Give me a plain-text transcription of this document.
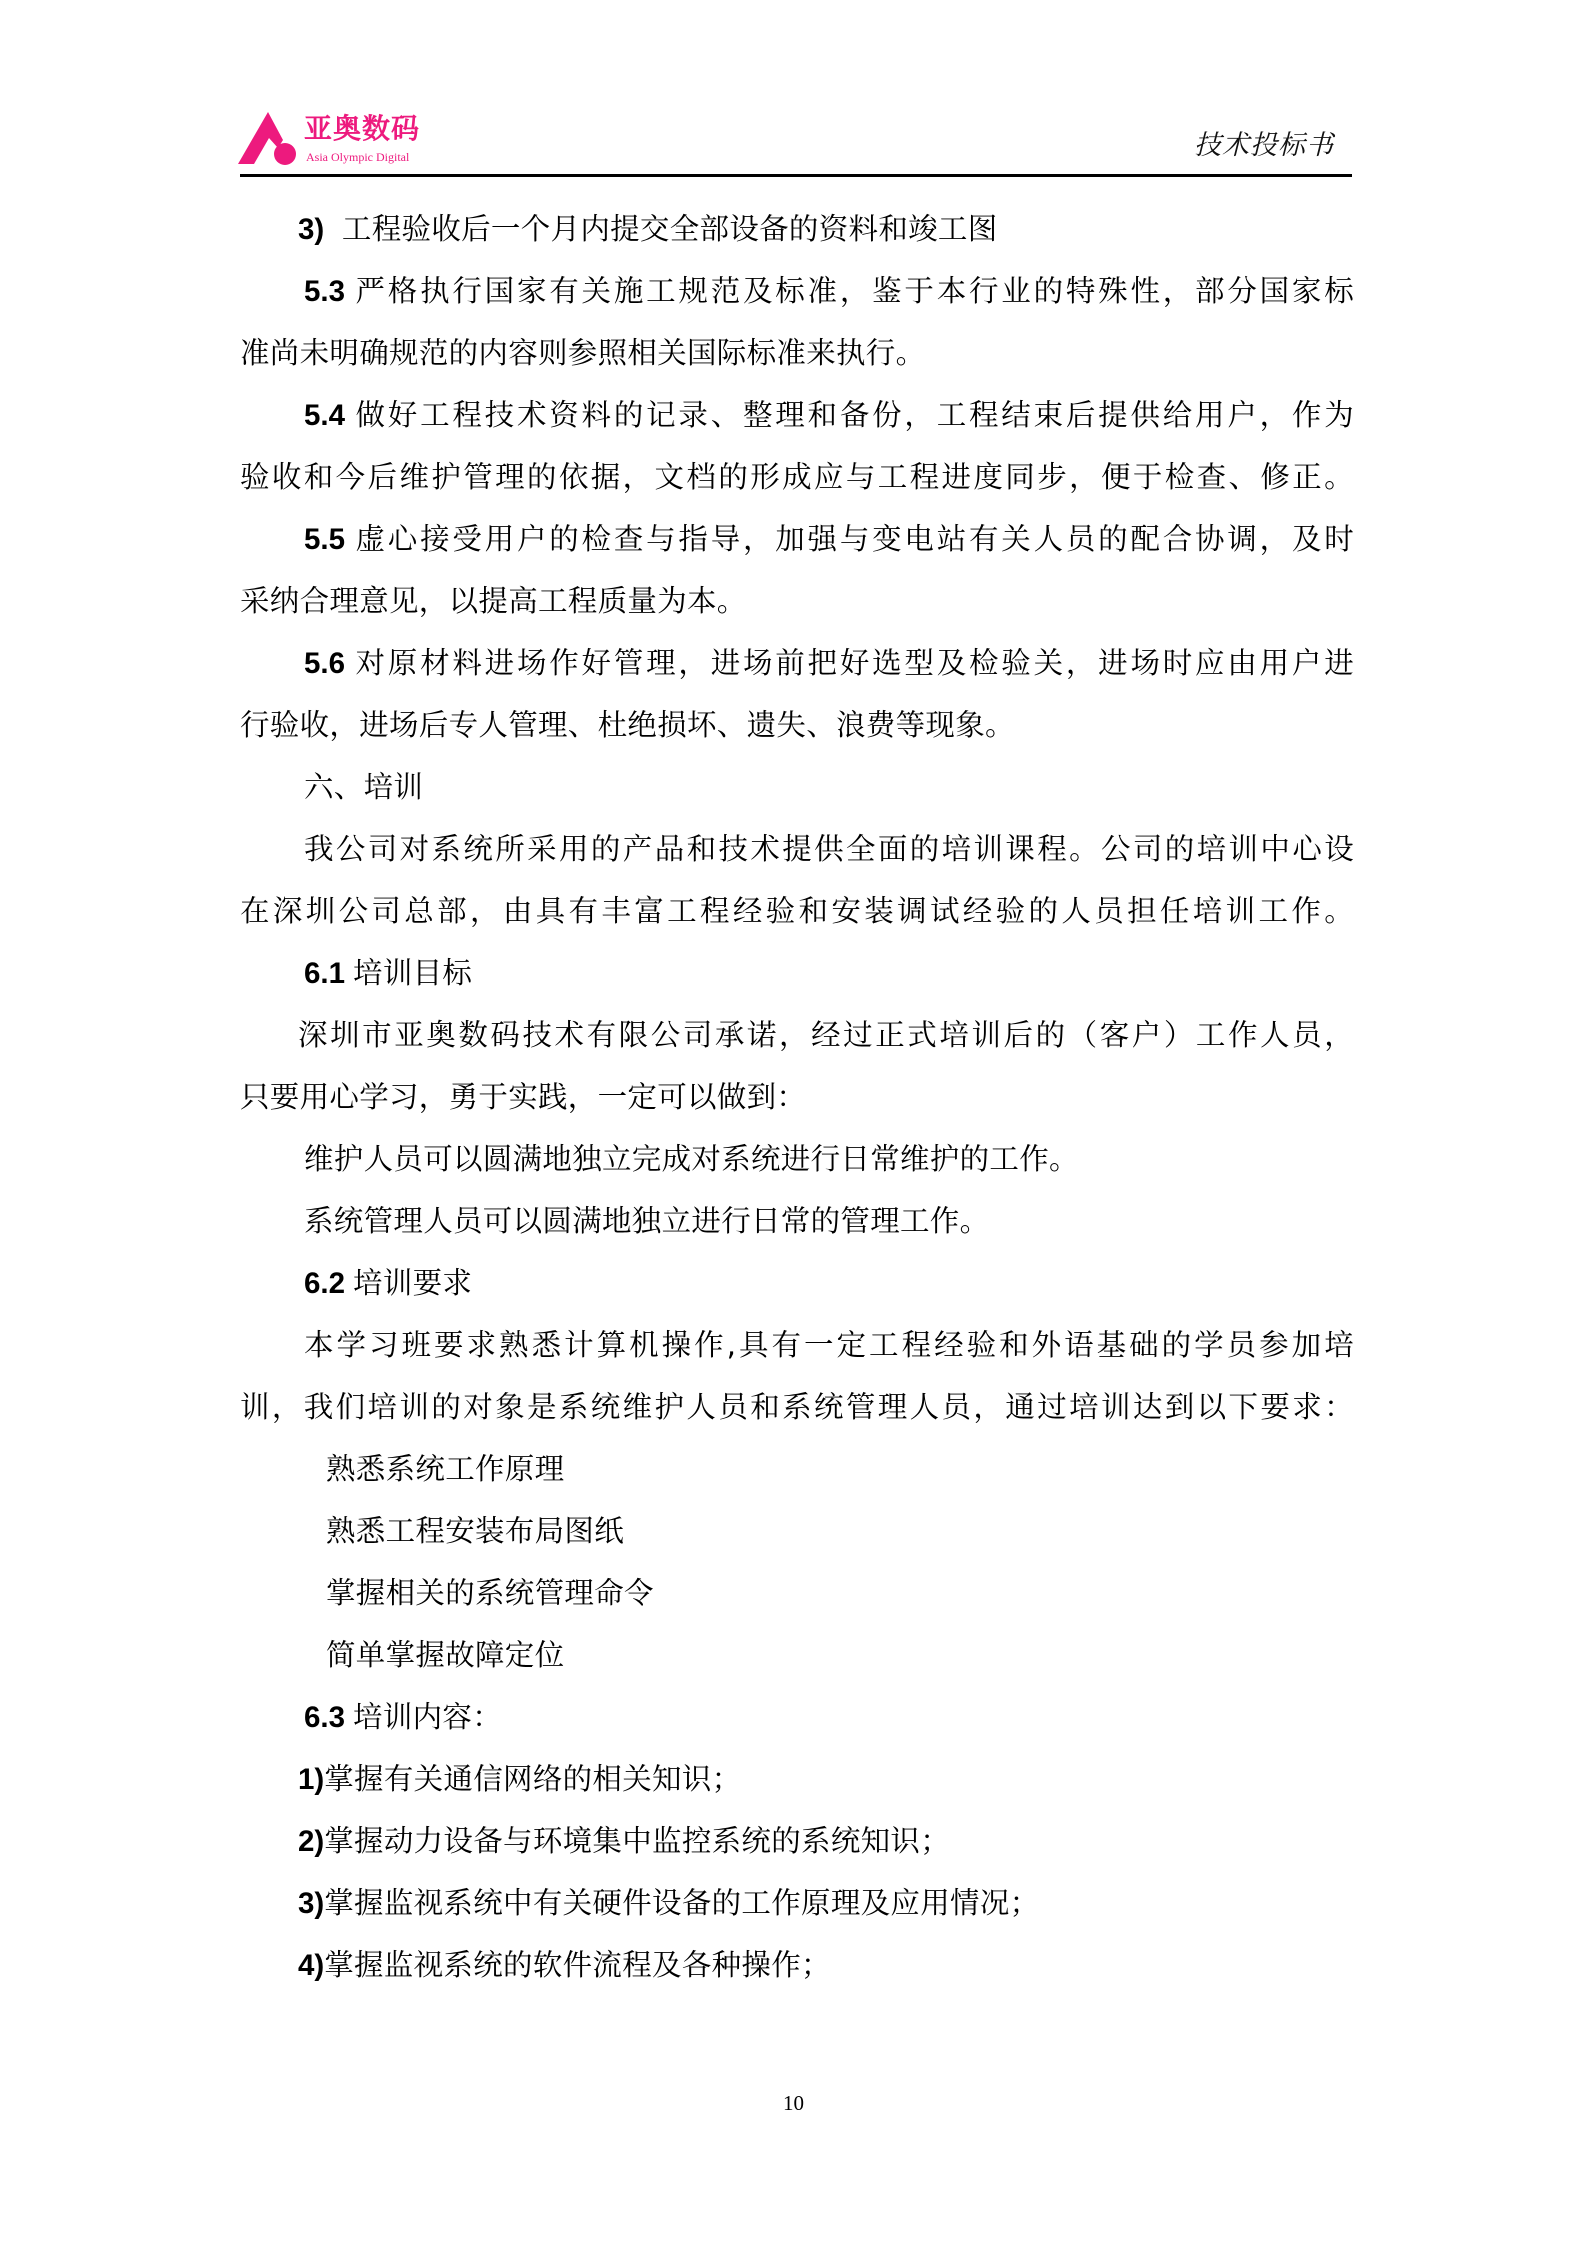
亚奥数码
Asia Olympic Digital	技术投标书
3) 工程验收后一个月内提交全部设备的资料和竣工图
5.3 严格执行国家有关施工规范及标准，鉴于本行业的特殊性，部分国家标
准尚未明确规范的内容则参照相关国际标准来执行。
5.4 做好工程技术资料的记录、整理和备份，工程结束后提供给用户，作为
验收和今后维护管理的依据，文档的形成应与工程进度同步，便于检查、修正。
5.5 虚心接受用户的检查与指导，加强与变电站有关人员的配合协调，及时
采纳合理意见，以提高工程质量为本。
5.6 对原材料进场作好管理，进场前把好选型及检验关，进场时应由用户进
行验收，进场后专人管理、杜绝损坏、遗失、浪费等现象。
六、培训
我公司对系统所采用的产品和技术提供全面的培训课程。公司的培训中心设
在深圳公司总部，由具有丰富工程经验和安装调试经验的人员担任培训工作。
6.1 培训目标
深圳市亚奥数码技术有限公司承诺，经过正式培训后的（客户）工作人员，
只要用心学习，勇于实践，一定可以做到：
维护人员可以圆满地独立完成对系统进行日常维护的工作。
系统管理人员可以圆满地独立进行日常的管理工作。
6.2 培训要求
本学习班要求熟悉计算机操作,具有一定工程经验和外语基础的学员参加培
训，我们培训的对象是系统维护人员和系统管理人员，通过培训达到以下要求：
熟悉系统工作原理
熟悉工程安装布局图纸
掌握相关的系统管理命令
简单掌握故障定位
6.3 培训内容：
1)掌握有关通信网络的相关知识；
2)掌握动力设备与环境集中监控系统的系统知识；
3)掌握监视系统中有关硬件设备的工作原理及应用情况；
4)掌握监视系统的软件流程及各种操作；
10
